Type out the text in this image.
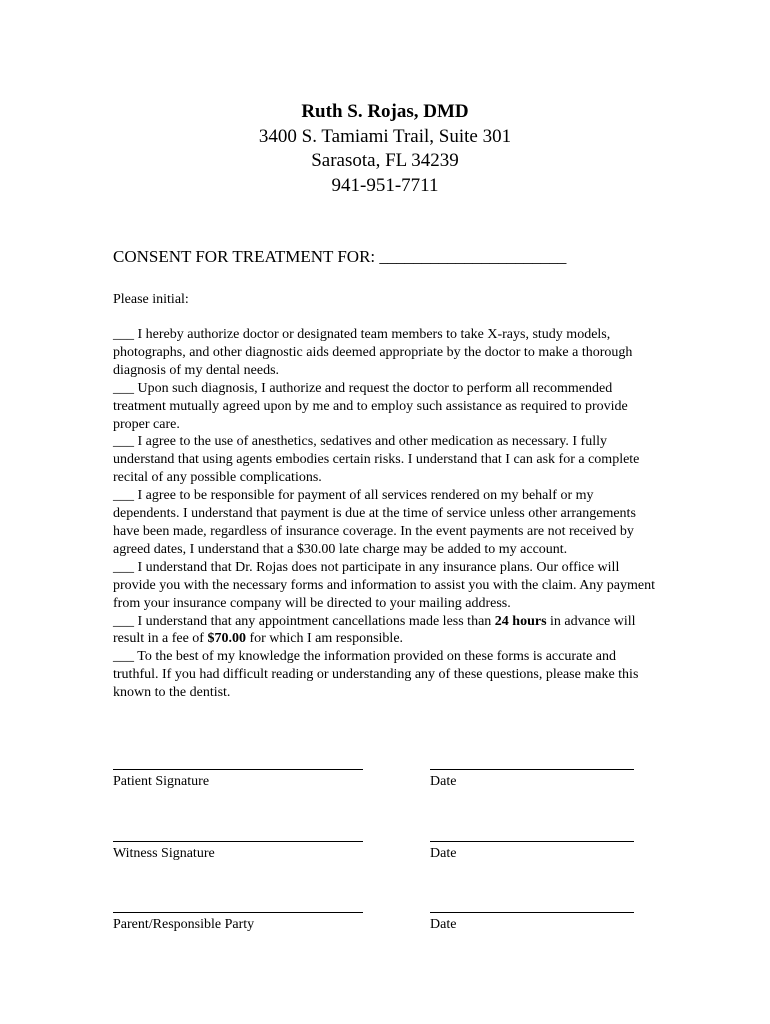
Ruth S. Rojas, DMD
3400 S. Tamiami Trail, Suite 301
Sarasota, FL 34239
941-951-7711
CONSENT FOR TREATMENT FOR: ______________________
Please initial:

___ I hereby authorize doctor or designated team members to take X-rays, study models, photographs, and other diagnostic aids deemed appropriate by the doctor to make a thorough diagnosis of my dental needs.

___ Upon such diagnosis, I authorize and request the doctor to perform all recommended treatment mutually agreed upon by me and to employ such assistance as required to provide proper care.

___ I agree to the use of anesthetics, sedatives and other medication as necessary. I fully understand that using agents embodies certain risks. I understand that I can ask for a complete recital of any possible complications.

___ I agree to be responsible for payment of all services rendered on my behalf or my dependents. I understand that payment is due at the time of service unless other arrangements have been made, regardless of insurance coverage. In the event payments are not received by agreed dates, I understand that a $30.00 late charge may be added to my account.

___ I understand that Dr. Rojas does not participate in any insurance plans. Our office will provide you with the necessary forms and information to assist you with the claim. Any payment from your insurance company will be directed to your mailing address.

___ I understand that any appointment cancellations made less than 24 hours in advance will result in a fee of $70.00 for which I am responsible.

___ To the best of my knowledge the information provided on these forms is accurate and truthful. If you had difficult reading or understanding any of these questions, please make this known to the dentist.

Patient Signature	Date
Witness Signature	Date
Parent/Responsible Party	Date
